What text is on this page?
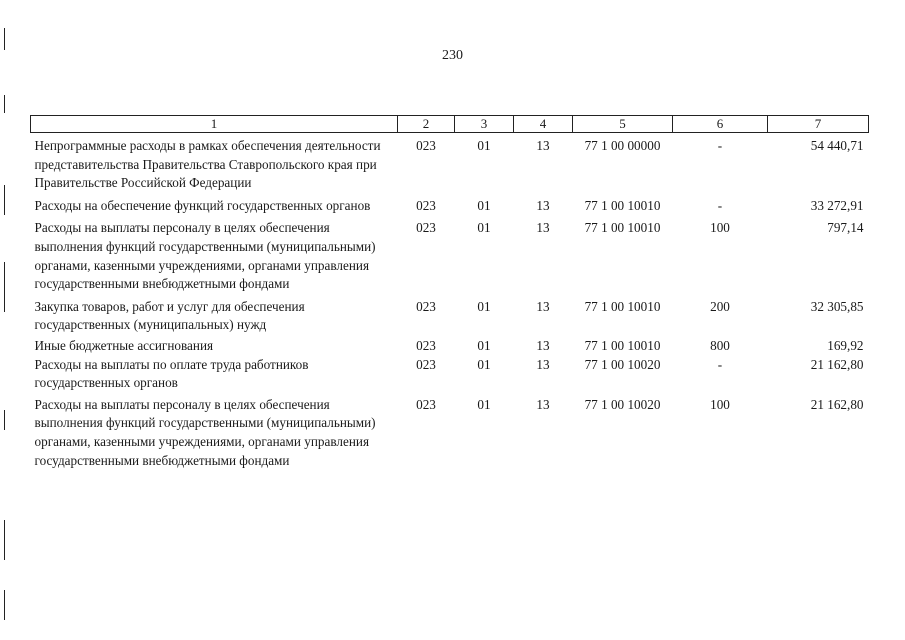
230
1	2	3	4	5	6	7
Непрограммные расходы в рамках обеспечения деятельности представительства Правительства Ставропольского края при Правительстве Российской Федерации	023	01	13	77 1 00 00000	-	54 440,71
Расходы на обеспечение функций государственных органов	023	01	13	77 1 00 10010	-	33 272,91
Расходы на выплаты персоналу в целях обеспечения выполнения функций государственными (муниципальными) органами, казенными учреждениями, органами управления государственными внебюджетными фондами	023	01	13	77 1 00 10010	100	797,14
Закупка товаров, работ и услуг для обеспечения государственных (муниципальных) нужд	023	01	13	77 1 00 10010	200	32 305,85
Иные бюджетные ассигнования	023	01	13	77 1 00 10010	800	169,92
Расходы на выплаты по оплате труда работников государственных органов	023	01	13	77 1 00 10020	-	21 162,80
Расходы на выплаты персоналу в целях обеспечения выполнения функций государственными (муниципальными) органами, казенными учреждениями, органами управления государственными внебюджетными фондами	023	01	13	77 1 00 10020	100	21 162,80
